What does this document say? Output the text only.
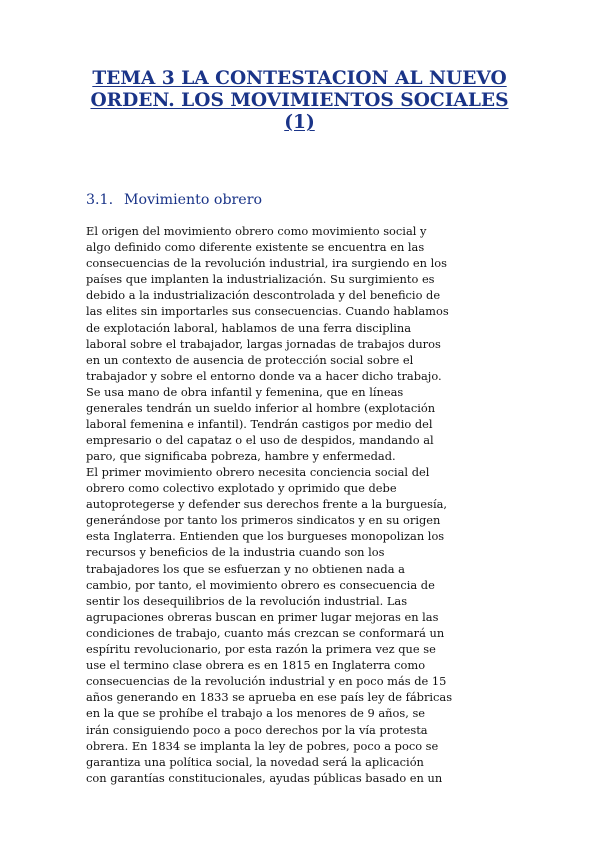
TEMA 3 LA CONTESTACION AL NUEVO
ORDEN. LOS MOVIMIENTOS SOCIALES
(1)
3.1. Movimiento obrero
El origen del movimiento obrero como movimiento social y
algo definido como diferente existente se encuentra en las
consecuencias de la revolución industrial, ira surgiendo en los
países que implanten la industrialización. Su surgimiento es
debido a la industrialización descontrolada y del beneficio de
las elites sin importarles sus consecuencias. Cuando hablamos
de explotación laboral, hablamos de una ferra disciplina
laboral sobre el trabajador, largas jornadas de trabajos duros
en un contexto de ausencia de protección social sobre el
trabajador y sobre el entorno donde va a hacer dicho trabajo.
Se usa mano de obra infantil y femenina, que en líneas
generales tendrán un sueldo inferior al hombre (explotación
laboral femenina e infantil). Tendrán castigos por medio del
empresario o del capataz o el uso de despidos, mandando al
paro, que significaba pobreza, hambre y enfermedad.
El primer movimiento obrero necesita conciencia social del
obrero como colectivo explotado y oprimido que debe
autoprotegerse y defender sus derechos frente a la burguesía,
generándose por tanto los primeros sindicatos y en su origen
esta Inglaterra. Entienden que los burgueses monopolizan los
recursos y beneficios de la industria cuando son los
trabajadores los que se esfuerzan y no obtienen nada a
cambio, por tanto, el movimiento obrero es consecuencia de
sentir los desequilibrios de la revolución industrial. Las
agrupaciones obreras buscan en primer lugar mejoras en las
condiciones de trabajo, cuanto más crezcan se conformará un
espíritu revolucionario, por esta razón la primera vez que se
use el termino clase obrera es en 1815 en Inglaterra como
consecuencias de la revolución industrial y en poco más de 15
años generando en 1833 se aprueba en ese país ley de fábricas
en la que se prohíbe el trabajo a los menores de 9 años, se
irán consiguiendo poco a poco derechos por la vía protesta
obrera. En 1834 se implanta la ley de pobres, poco a poco se
garantiza una política social, la novedad será la aplicación
con garantías constitucionales, ayudas públicas basado en un
